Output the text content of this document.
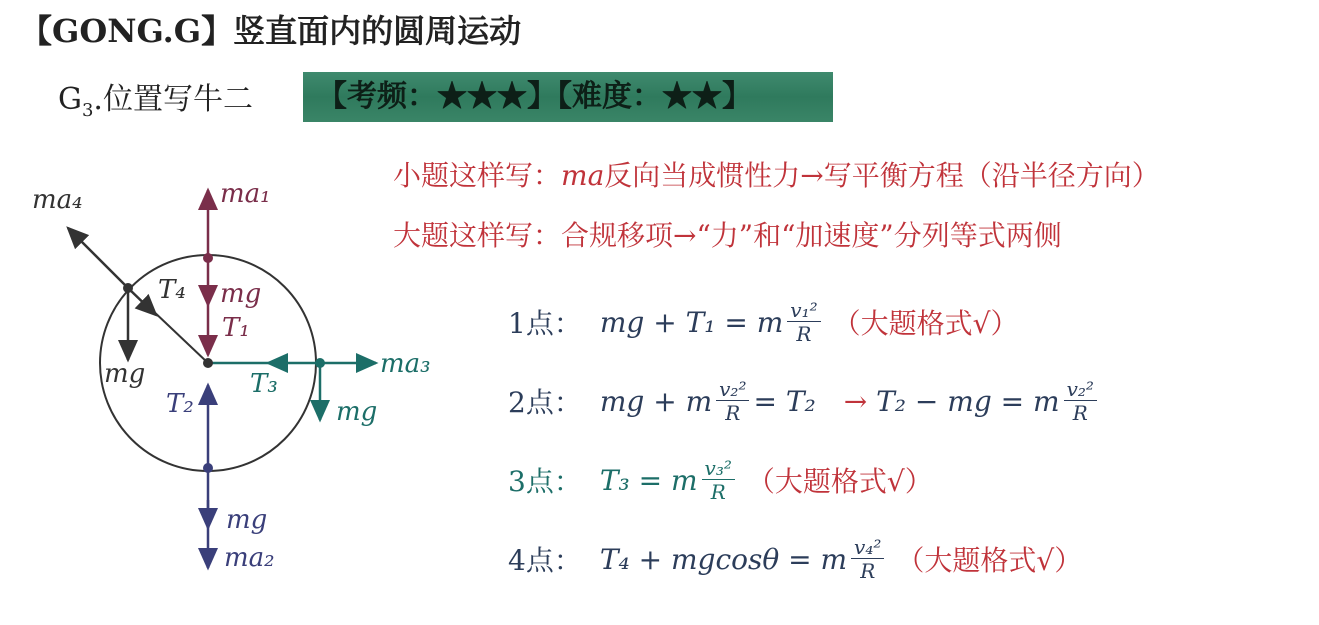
【GONG.G】竖直面内的圆周运动
$G_3$.位置写牛二	【考频：★★★】【难度：★★】
小题这样写：ma反向当成惯性力→写平衡方程（沿半径方向）
大题这样写：合规移项→“力”和“加速度”分列等式两侧
1点： mg + T₁ = m $\frac{\text{v₁²}}{R}$ （大题格式√）
2点： mg + m $\frac{\text{v₂²}}{R} = T_2 \to T_2$ − mg = m $\frac{\text{v₂²}}{R}$
3点： T₃ = m $\frac{\text{v₃²}}{R}$ （大题格式√）
4点： T₄ + mgcosθ = m $\frac{\text{v₄²}}{R}$ （大题格式√）
ma₁
mg
T₁
T₂
mg
ma₂
T₃
ma₃
mg
ma₄
T₄
mg
